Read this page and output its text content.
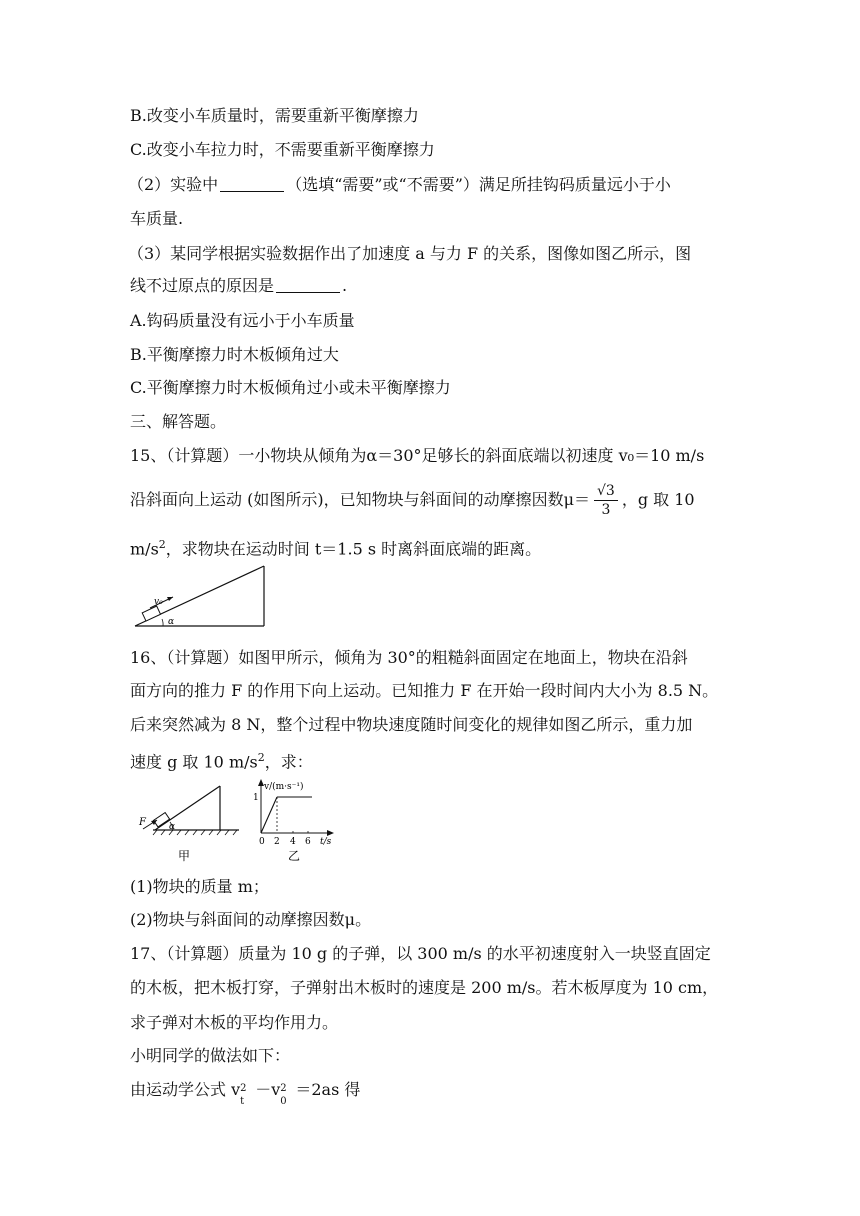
B.改变小车质量时，需要重新平衡摩擦力
C.改变小车拉力时，不需要重新平衡摩擦力
（2）实验中	（选填“需要”或“不需要”）满足所挂钩码质量远小于小
车质量.
（3）某同学根据实验数据作出了加速度 a 与力 F 的关系，图像如图乙所示，图
线不过原点的原因是	.
A.钩码质量没有远小于小车质量
B.平衡摩擦力时木板倾角过大
C.平衡摩擦力时木板倾角过小或未平衡摩擦力
三、解答题。
15、（计算题）一小物块从倾角为α＝30°足够长的斜面底端以初速度 v₀＝10 m/s
沿斜面向上运动 (如图所示)，已知物块与斜面间的动摩擦因数$\mu= \frac{√3}{3}$ ，g 取 10
$m/s^2$，求物块在运动时间 t＝1.5 s 时离斜面底端的距离。
v₀
α
16、（计算题）如图甲所示，倾角为 30°的粗糙斜面固定在地面上，物块在沿斜
面方向的推力 F 的作用下向上运动。已知推力 F 在开始一段时间内大小为 8.5 N。
后来突然减为 8 N，整个过程中物块速度随时间变化的规律如图乙所示，重力加
速度 g 取 10 $m/s^2$，求：
F	α
甲
v/(m·s⁻¹)
1
0 2 4 6 t/s
乙
(1)物块的质量 m；
(2)物块与斜面间的动摩擦因数μ。
17、（计算题）质量为 10 g 的子弹，以 300 m/s 的水平初速度射入一块竖直固定
的木板，把木板打穿，子弹射出木板时的速度是 200 m/s。若木板厚度为 10 cm，
求子弹对木板的平均作用力。
小明同学的做法如下：
由运动学公式 v 2
t
－v 2
0
＝2as 得
